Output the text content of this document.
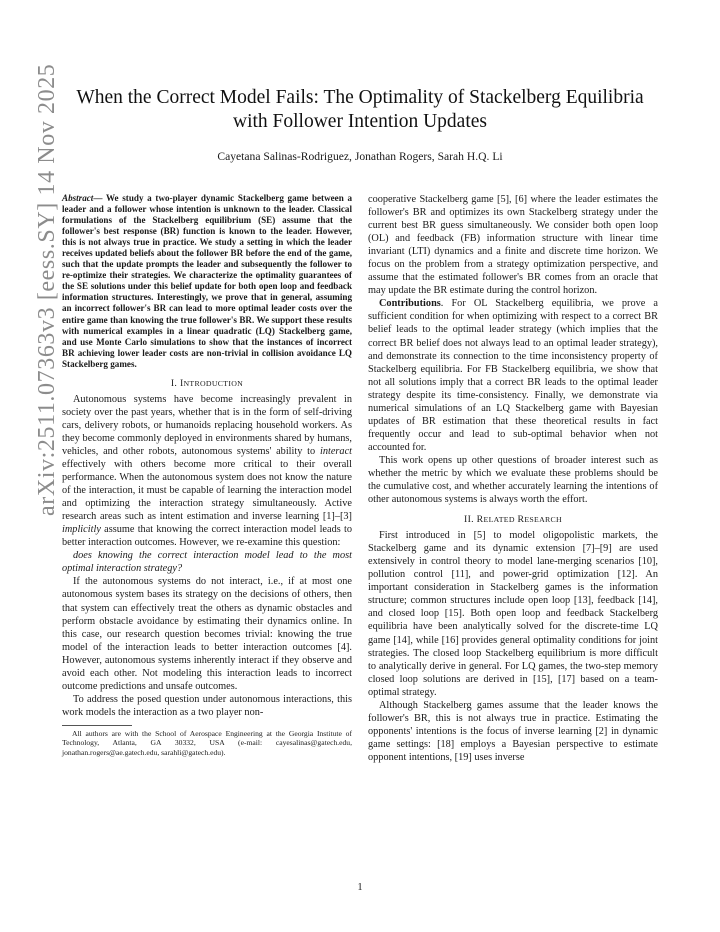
arXiv:2511.07363v3 [eess.SY] 14 Nov 2025 When the Correct Model Fails: The Optimality of Stackelberg Equilibria with Follower Intention Updates
Cayetana Salinas-Rodriguez, Jonathan Rogers, Sarah H.Q. Li
Abstract— We study a two-player dynamic Stackelberg game between a leader and a follower whose intention is unknown to the leader. Classical formulations of the Stackelberg equilibrium (SE) assume that the follower's best response (BR) function is known to the leader. However, this is not always true in practice. We study a setting in which the leader receives updated beliefs about the follower BR before the end of the game, such that the update prompts the leader and subsequently the follower to re-optimize their strategies. We characterize the optimality guarantees of the SE solutions under this belief update for both open loop and feedback information structures. Interestingly, we prove that in general, assuming an incorrect follower's BR can lead to more optimal leader costs over the entire game than knowing the true follower's BR. We support these results with numerical examples in a linear quadratic (LQ) Stackelberg game, and use Monte Carlo simulations to show that the instances of incorrect BR achieving lower leader costs are non-trivial in collision avoidance LQ Stackelberg games.
I. INTRODUCTION

Autonomous systems have become increasingly prevalent in society over the past years, whether that is in the form of self-driving cars, delivery robots, or humanoids replacing household workers. As they become commonly deployed in environments shared by humans, vehicles, and other robots, autonomous systems' ability to interact effectively with others become more critical to their overall performance. When the autonomous system does not know the nature of the interaction, it must be capable of learning the interaction model and optimizing the interaction strategy simultaneously. Active research areas such as intent estimation and inverse learning [1]–[3] implicitly assume that knowing the correct interaction model leads to better interaction outcomes. However, we re-examine this question:

does knowing the correct interaction model lead to the most optimal interaction strategy?

If the autonomous systems do not interact, i.e., if at most one autonomous system bases its strategy on the decisions of others, then that system can effectively treat the others as dynamic obstacles and perform obstacle avoidance by estimating their dynamics online. In this case, our research question becomes trivial: knowing the true model of the interaction leads to better interaction outcomes [4]. However, autonomous systems inherently interact if they observe and avoid each other. Not modeling this interaction leads to incorrect outcome predictions and unsafe outcomes.

To address the posed question under autonomous interactions, this work models the interaction as a two player non-

All authors are with the School of Aerospace Engineering at the Georgia Institute of Technology, Atlanta, GA 30332, USA (e-mail: cayesalinas@gatech.edu, jonathan.rogers@ae.gatech.edu, sarahli@gatech.edu).

cooperative Stackelberg game [5], [6] where the leader estimates the follower's BR and optimizes its own Stackelberg strategy under the current best BR guess simultaneously. We consider both open loop (OL) and feedback (FB) information structure with linear time invariant (LTI) dynamics and a finite and discrete time horizon. We focus on the problem from a strategy optimization perspective, and assume that the estimated follower's BR comes from an oracle that may update the BR estimate during the control horizon.

Contributions. For OL Stackelberg equilibria, we prove a sufficient condition for when optimizing with respect to a correct BR belief leads to the optimal leader strategy (which implies that the correct BR belief does not always lead to an optimal leader strategy), and demonstrate its connection to the time inconsistency property of Stackelberg equilibria. For FB Stackelberg equilibria, we show that not all solutions imply that a correct BR leads to the optimal leader strategy despite its time-consistency. Finally, we demonstrate via numerical simulations of an LQ Stackelberg game with Bayesian updates of BR estimation that these theoretical results in fact frequently occur and lead to sub-optimal behavior when not accounted for.

This work opens up other questions of broader interest such as whether the metric by which we evaluate these problems should be the cumulative cost, and whether accurately learning the intentions of other autonomous systems is always worth the effort.

II. RELATED RESEARCH

First introduced in [5] to model oligopolistic markets, the Stackelberg game and its dynamic extension [7]–[9] are used extensively in control theory to model lane-merging scenarios [10], pollution control [11], and power-grid optimization [12]. An important consideration in Stackelberg games is the information structure; common structures include open loop [13], feedback [14], and closed loop [15]. Both open loop and feedback Stackelberg equilibria have been analytically solved for the discrete-time LQ game [14], while [16] provides general optimality conditions for joint strategies. The closed loop Stackelberg equilibrium is more difficult to analytically derive in general. For LQ games, the two-step memory closed loop solutions are derived in [15], [17] based on a team-optimal strategy.

Although Stackelberg games assume that the leader knows the follower's BR, this is not always true in practice. Estimating the opponents' intentions is the focus of inverse learning [2] in dynamic game settings: [18] employs a Bayesian perspective to estimate opponent intentions, [19] uses inverse

1
